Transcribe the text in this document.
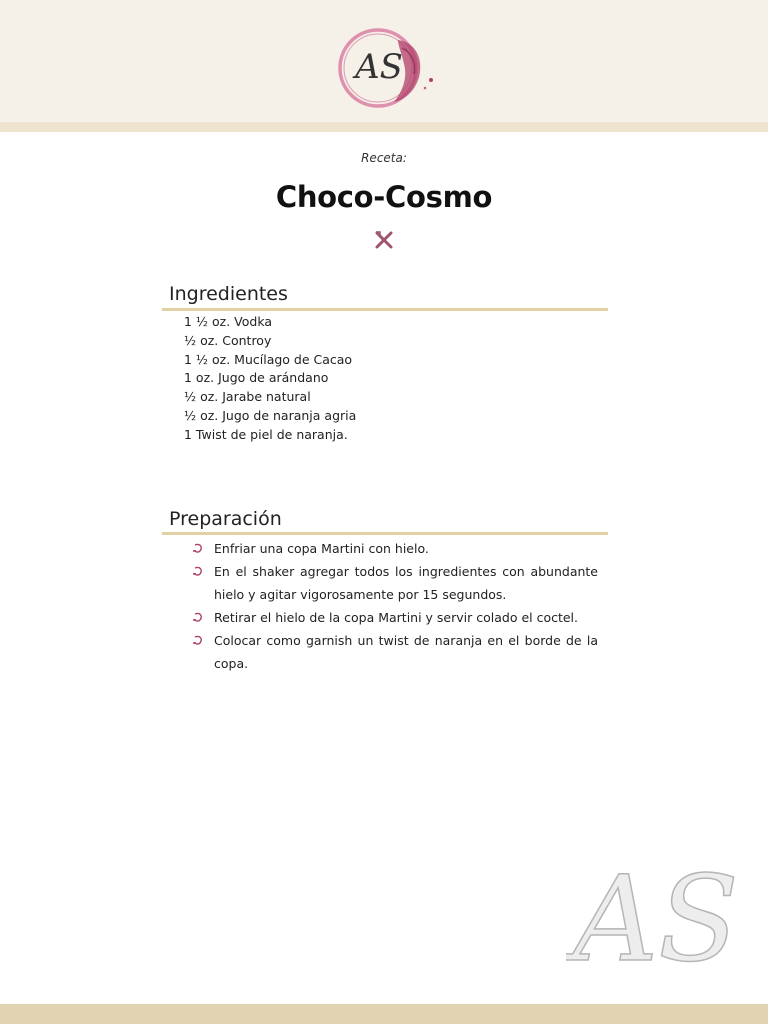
AS
Receta:
Choco-Cosmo
Ingredientes
1 ½ oz. Vodka
½ oz. Controy
1 ½ oz. Mucílago de Cacao
1 oz. Jugo de arándano
½ oz. Jarabe natural
½ oz. Jugo de naranja agria
1 Twist de piel de naranja.
Preparación
Enfriar una copa Martini con hielo.
En el shaker agregar todos los ingredientes con abundante hielo y agitar vigorosamente por 15 segundos.
Retirar el hielo de la copa Martini y servir colado el coctel.
Colocar como garnish un twist de naranja en el borde de la copa.
AS
